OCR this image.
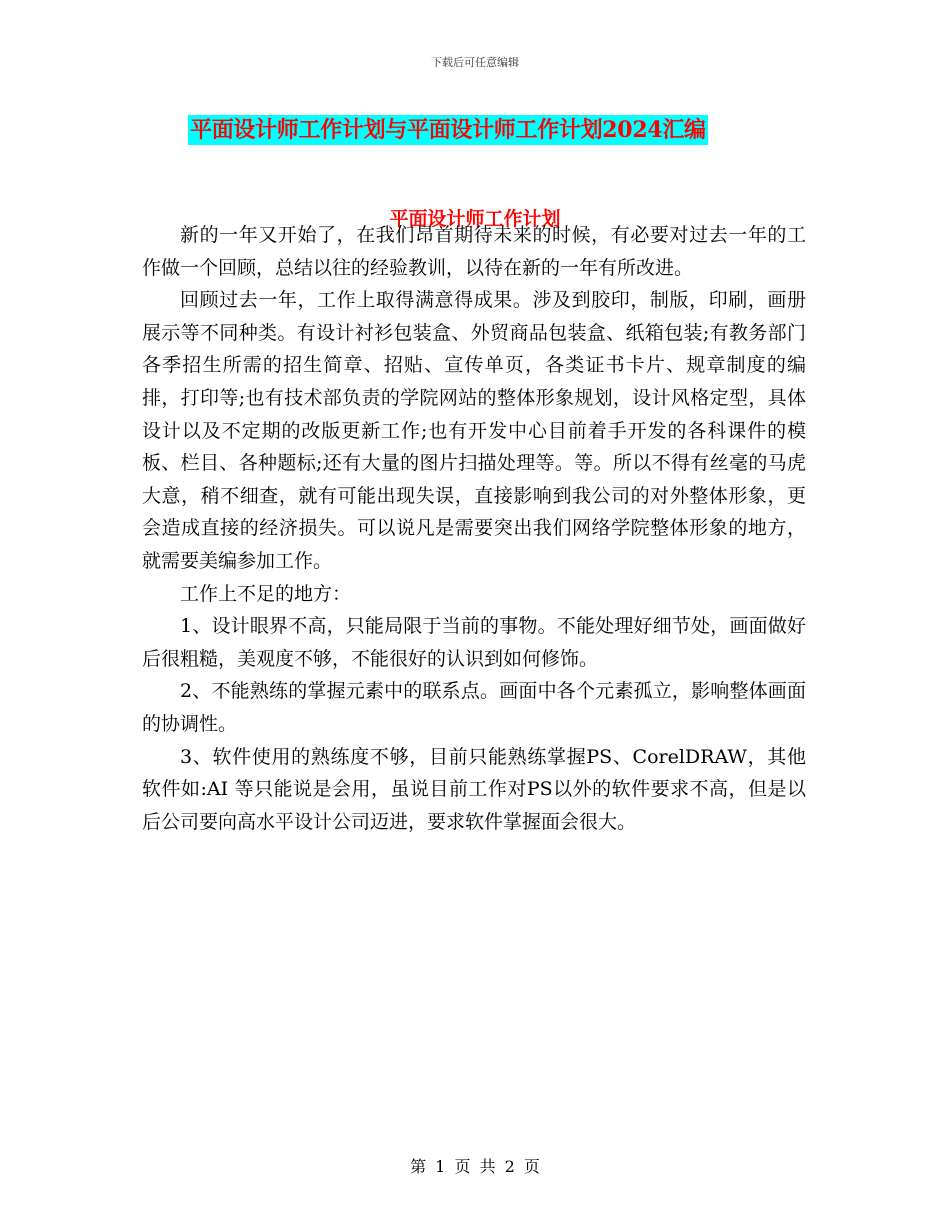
下载后可任意编辑
平面设计师工作计划与平面设计师工作计划2024汇编
平面设计师工作计划

新的一年又开始了，在我们昂首期待未来的时候，有必要对过去一年的工作做一个回顾，总结以往的经验教训，以待在新的一年有所改进。

回顾过去一年，工作上取得满意得成果。涉及到胶印，制版，印刷，画册展示等不同种类。有设计衬衫包装盒、外贸商品包装盒、纸箱包装;有教务部门各季招生所需的招生简章、招贴、宣传单页，各类证书卡片、规章制度的编排，打印等;也有技术部负责的学院网站的整体形象规划，设计风格定型，具体设计以及不定期的改版更新工作;也有开发中心目前着手开发的各科课件的模板、栏目、各种题标;还有大量的图片扫描处理等。等。所以不得有丝毫的马虎大意，稍不细查，就有可能出现失误，直接影响到我公司的对外整体形象，更会造成直接的经济损失。可以说凡是需要突出我们网络学院整体形象的地方，就需要美编参加工作。

工作上不足的地方：

1、设计眼界不高，只能局限于当前的事物。不能处理好细节处，画面做好后很粗糙，美观度不够，不能很好的认识到如何修饰。

2、不能熟练的掌握元素中的联系点。画面中各个元素孤立，影响整体画面的协调性。

3、软件使用的熟练度不够，目前只能熟练掌握PS、CorelDRAW，其他软件如:AI 等只能说是会用，虽说目前工作对PS以外的软件要求不高，但是以后公司要向高水平设计公司迈进，要求软件掌握面会很大。

第 1 页 共 2 页
